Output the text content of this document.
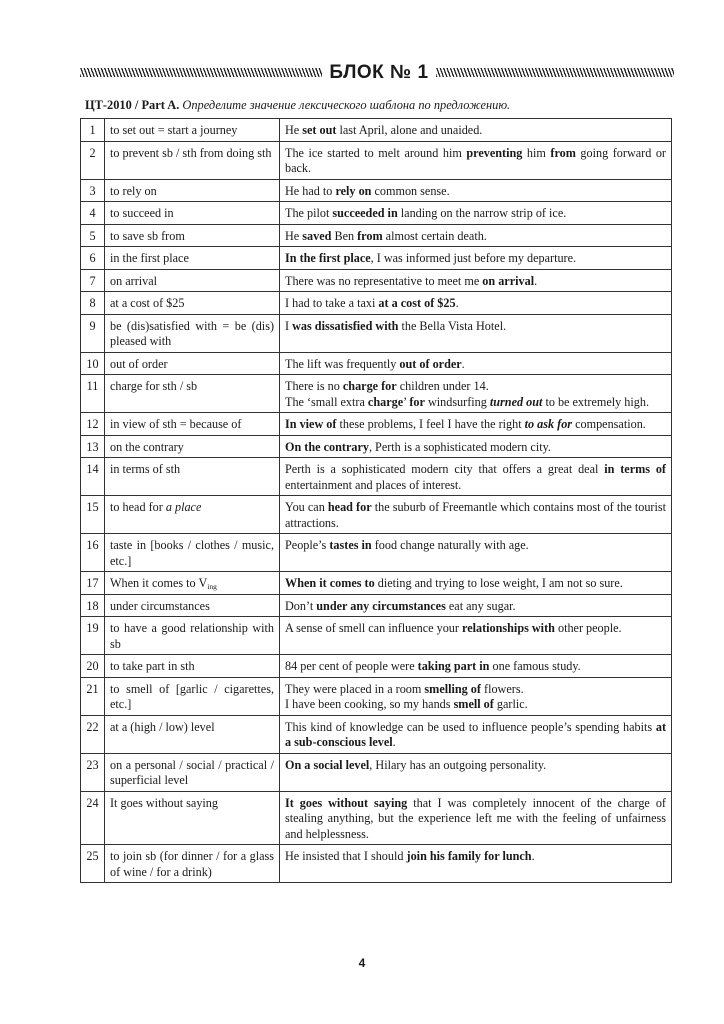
БЛОК № 1
ЦТ-2010 / Part A. Определите значение лексического шаблона по предложению.
1	to set out = start a journey	He set out last April, alone and unaided.

2	to prevent sb / sth from doing sth	The ice started to melt around him preventing him from going forward or back.

3	to rely on	He had to rely on common sense.

4	to succeed in	The pilot succeeded in landing on the narrow strip of ice.

5	to save sb from	He saved Ben from almost certain death.

6	in the first place	In the first place, I was informed just before my departure.

7	on arrival	There was no representative to meet me on arrival.

8	at a cost of $25	I had to take a taxi at a cost of $25.

9	be (dis)satisfied with = be (dis) pleased with	I was dissatisfied with the Bella Vista Hotel.

10	out of order	The lift was frequently out of order.

11	charge for sth / sb	There is no charge for children under 14.
The ‘small extra charge’ for windsurfing turned out to be extremely high.

12	in view of sth = because of	In view of these problems, I feel I have the right to ask for compensation.

13	on the contrary	On the contrary, Perth is a sophisticated modern city.

14	in terms of sth	Perth is a sophisticated modern city that offers a great deal in terms of entertainment and places of interest.

15	to head for a place	You can head for the suburb of Freemantle which contains most of the tourist attractions.

16	taste in [books / clothes / music, etc.]	People’s tastes in food change naturally with age.

17	When it comes to $V_{ing}$	When it comes to dieting and trying to lose weight, I am not so sure.

18	under circumstances	Don’t under any circumstances eat any sugar.

19	to have a good relationship with sb	A sense of smell can influence your relationships with other people.

20	to take part in sth	84 per cent of people were taking part in one famous study.

21	to smell of [garlic / cigarettes, etc.]	They were placed in a room smelling of flowers.
I have been cooking, so my hands smell of garlic.

22	at a (high / low) level	This kind of knowledge can be used to influence people’s spending habits at a sub-conscious level.

23	on a personal / social / practical / superficial level	On a social level, Hilary has an outgoing personality.

24	It goes without saying	It goes without saying that I was completely innocent of the charge of stealing anything, but the experience left me with the feeling of unfairness and helplessness.

25	to join sb (for dinner / for a glass of wine / for a drink)	He insisted that I should join his family for lunch.
4
